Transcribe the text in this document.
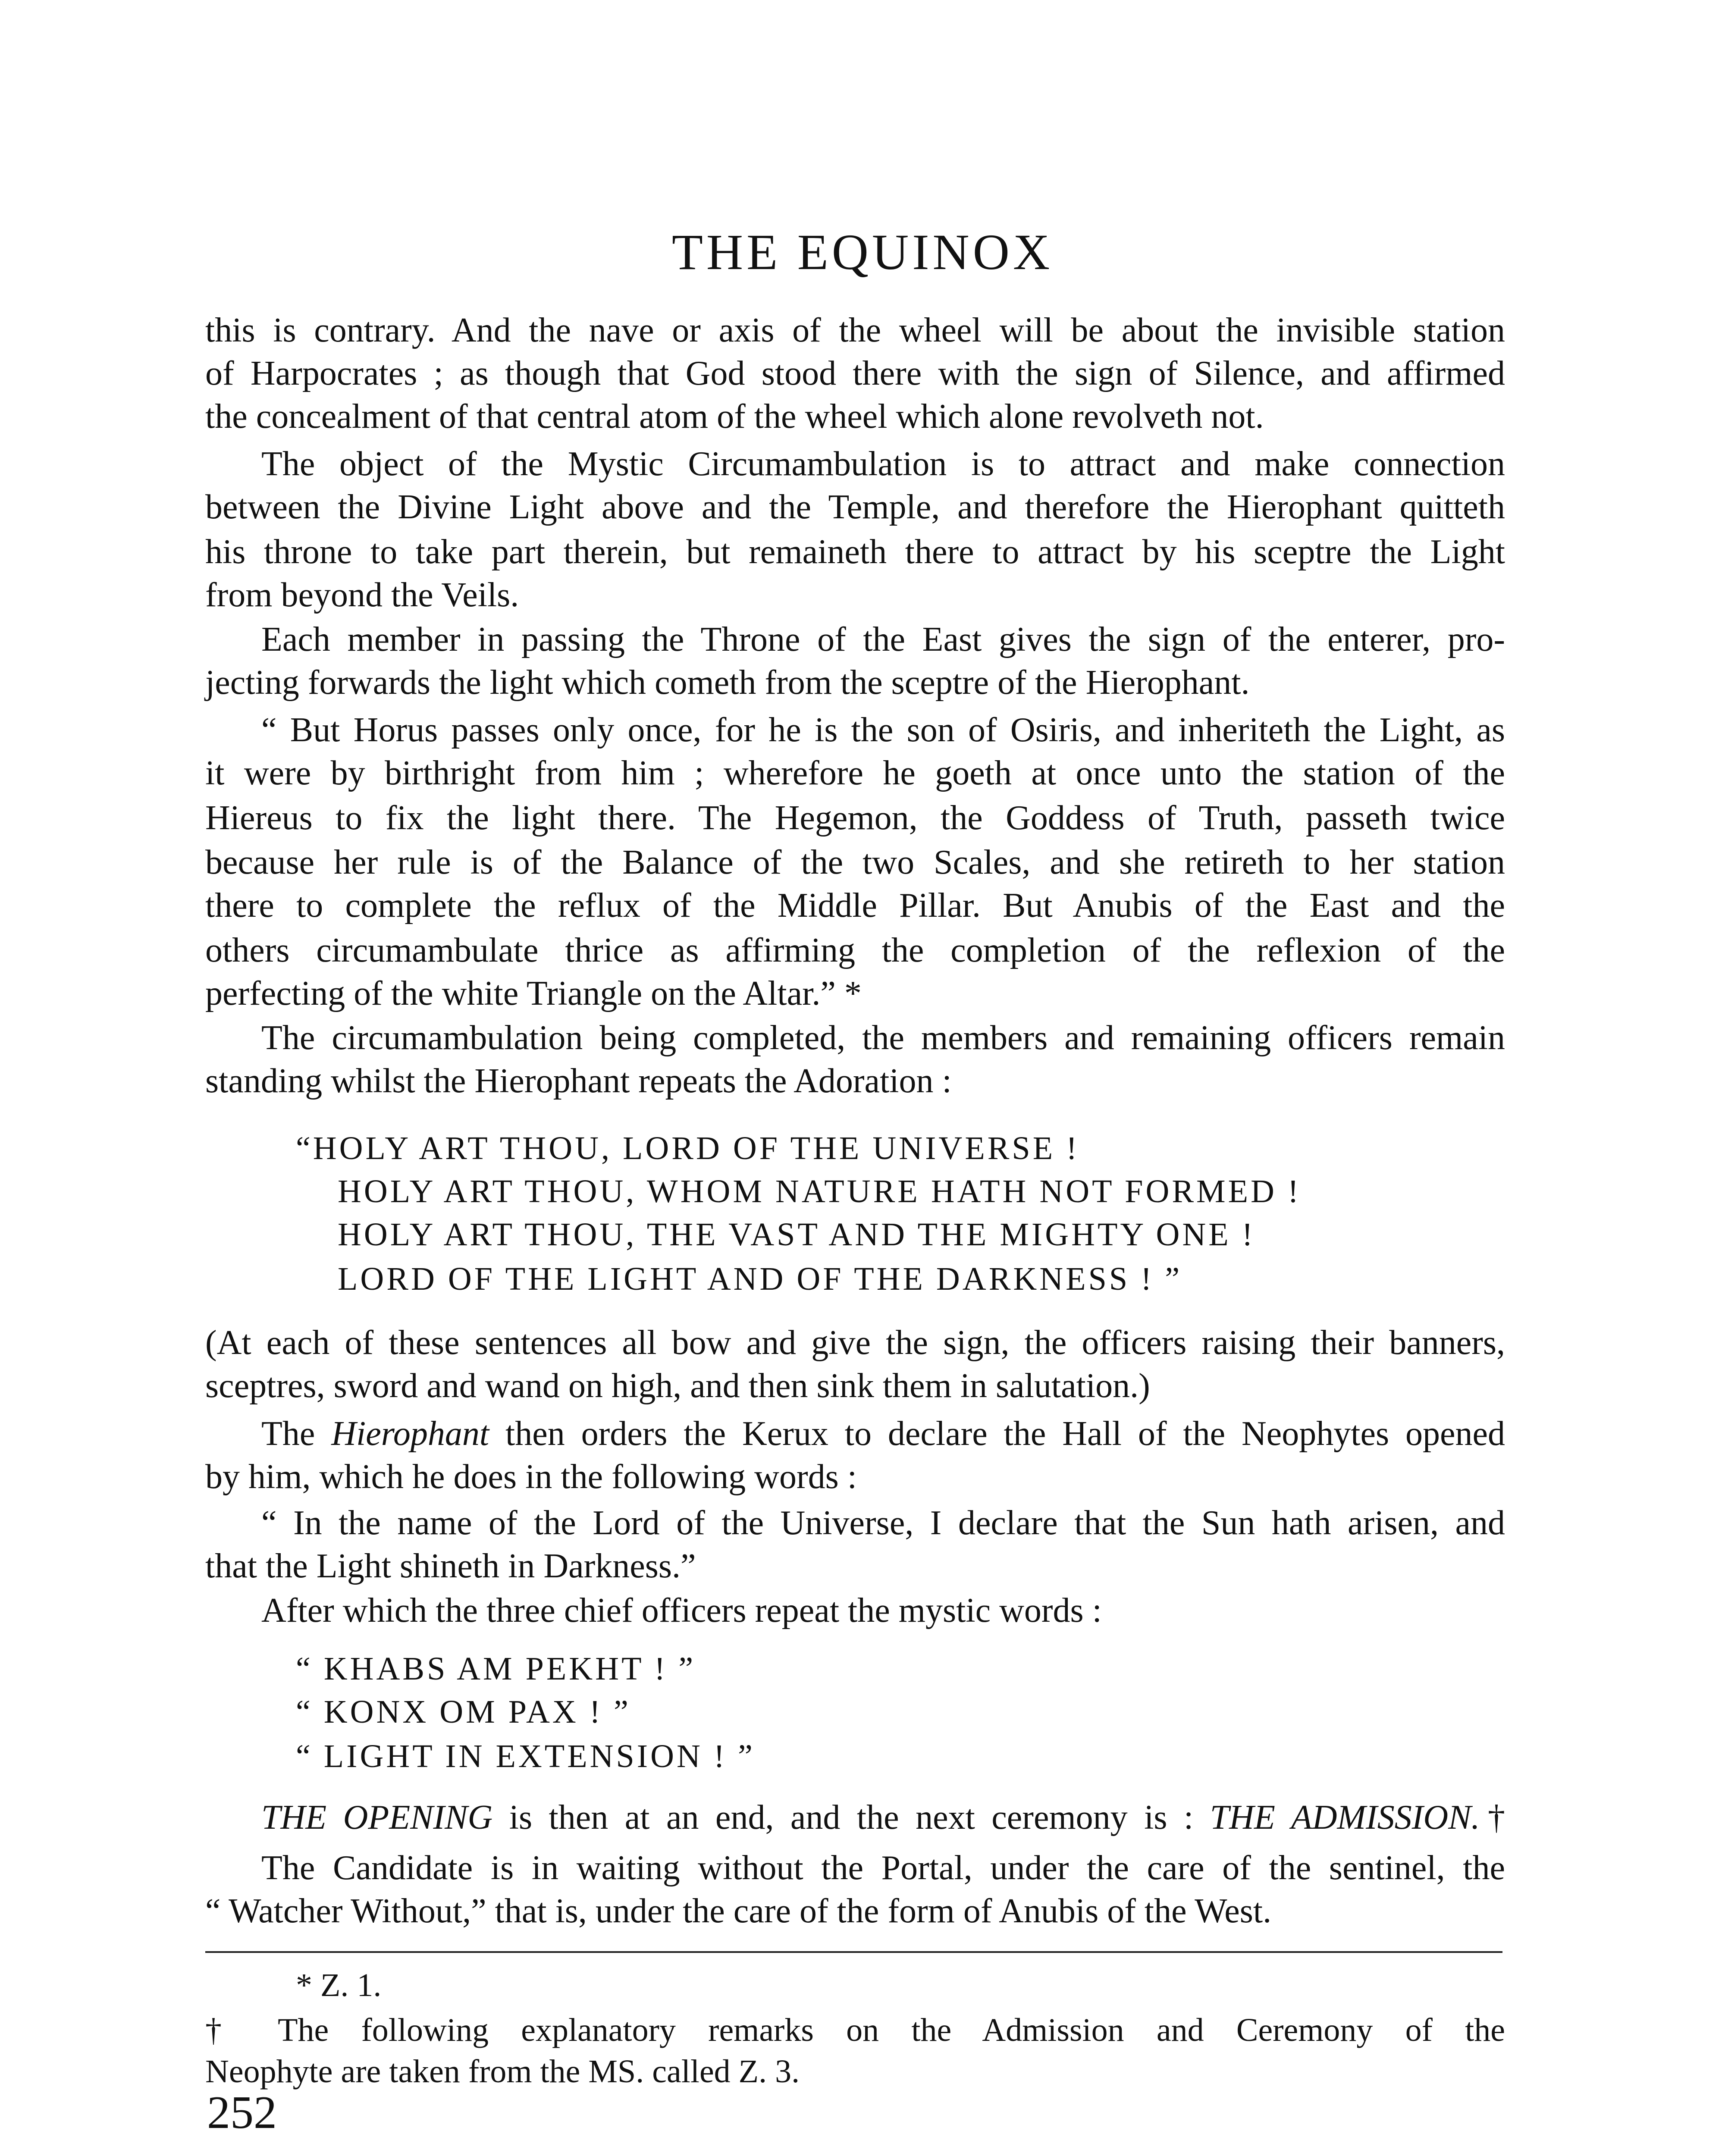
THE EQUINOX
this is contrary. And the nave or axis of the wheel will be about the invisible station
of Harpocrates ; as though that God stood there with the sign of Silence, and affirmed
the concealment of that central atom of the wheel which alone revolveth not.
The object of the Mystic Circumambulation is to attract and make connection
between the Divine Light above and the Temple, and therefore the Hierophant quitteth
his throne to take part therein, but remaineth there to attract by his sceptre the Light
from beyond the Veils.
Each member in passing the Throne of the East gives the sign of the enterer, pro-
jecting forwards the light which cometh from the sceptre of the Hierophant.
“ But Horus passes only once, for he is the son of Osiris, and inheriteth the Light, as
it were by birthright from him ; wherefore he goeth at once unto the station of the
Hiereus to fix the light there. The Hegemon, the Goddess of Truth, passeth twice
because her rule is of the Balance of the two Scales, and she retireth to her station
there to complete the reflux of the Middle Pillar. But Anubis of the East and the
others circumambulate thrice as affirming the completion of the reflexion of the
perfecting of the white Triangle on the Altar.” *
The circumambulation being completed, the members and remaining officers remain
standing whilst the Hierophant repeats the Adoration :
“HOLY ART THOU, LORD OF THE UNIVERSE !
HOLY ART THOU, WHOM NATURE HATH NOT FORMED !
HOLY ART THOU, THE VAST AND THE MIGHTY ONE !
LORD OF THE LIGHT AND OF THE DARKNESS ! ”
(At each of these sentences all bow and give the sign, the officers raising their banners,
sceptres, sword and wand on high, and then sink them in salutation.)
The Hierophant then orders the Kerux to declare the Hall of the Neophytes opened
by him, which he does in the following words :
“ In the name of the Lord of the Universe, I declare that the Sun hath arisen, and
that the Light shineth in Darkness.”
After which the three chief officers repeat the mystic words :
“ KHABS AM PEKHT ! ”
“ KONX OM PAX ! ”
“ LIGHT IN EXTENSION ! ”
THE OPENING is then at an end, and the next ceremony is : THE ADMISSION.†
The Candidate is in waiting without the Portal, under the care of the sentinel, the
“ Watcher Without,” that is, under the care of the form of Anubis of the West.
* Z. 1.
† The following explanatory remarks on the Admission and Ceremony of the
Neophyte are taken from the MS. called Z. 3.
252
